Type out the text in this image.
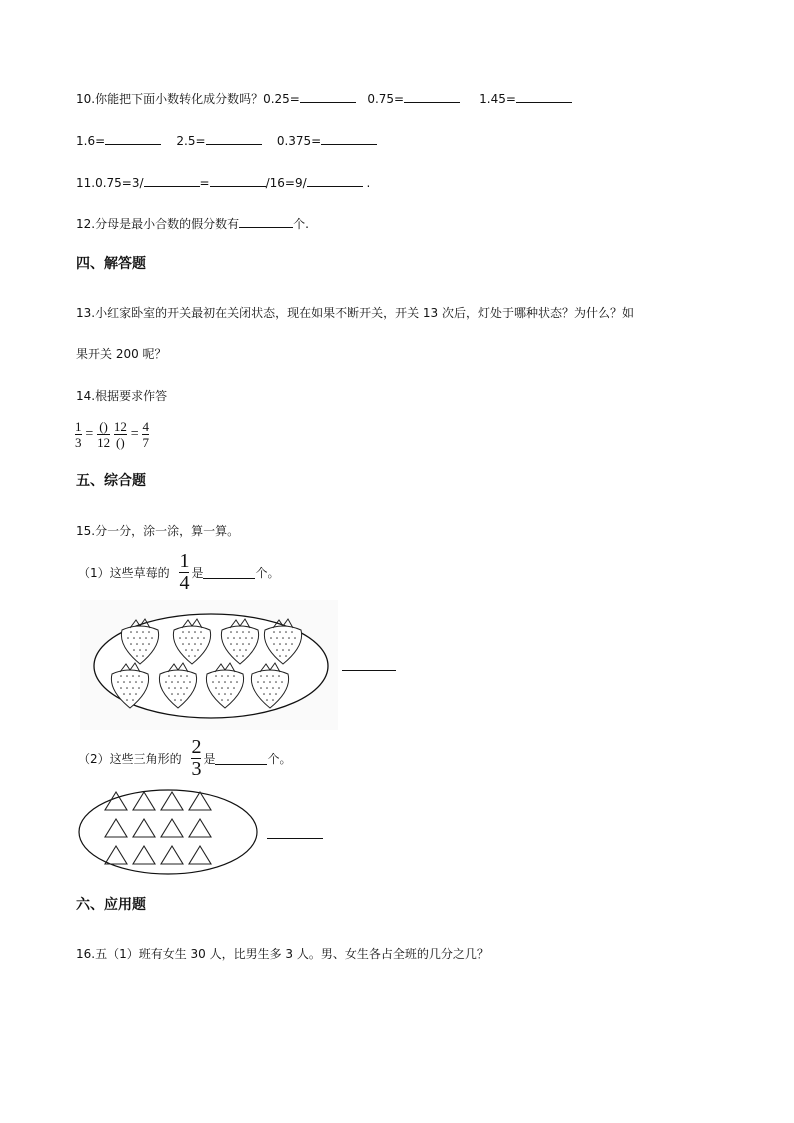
10.你能把下面小数转化成分数吗？0.25=	0.75=	1.45=
1.6=	2.5=	0.375=
11.0.75=3/	=	/16=9/	.
12.分母是最小合数的假分数有	个.
四、解答题
13.小红家卧室的开关最初在关闭状态，现在如果不断开关，开关 13 次后，灯处于哪种状态？为什么？如
果开关 200 呢？
14.根据要求作答
$\frac{1}{3} = \frac{()}{12}$
$\frac{12}{()} = \frac{4}{7}$
五、综合题
15.分一分，涂一涂，算一算。
（1）这些草莓的 $\frac{1}{4}$ 是	个。
（2）这些三角形的 $\frac{2}{3}$ 是	个。
六、应用题
16.五（1）班有女生 30 人，比男生多 3 人。男、女生各占全班的几分之几？
